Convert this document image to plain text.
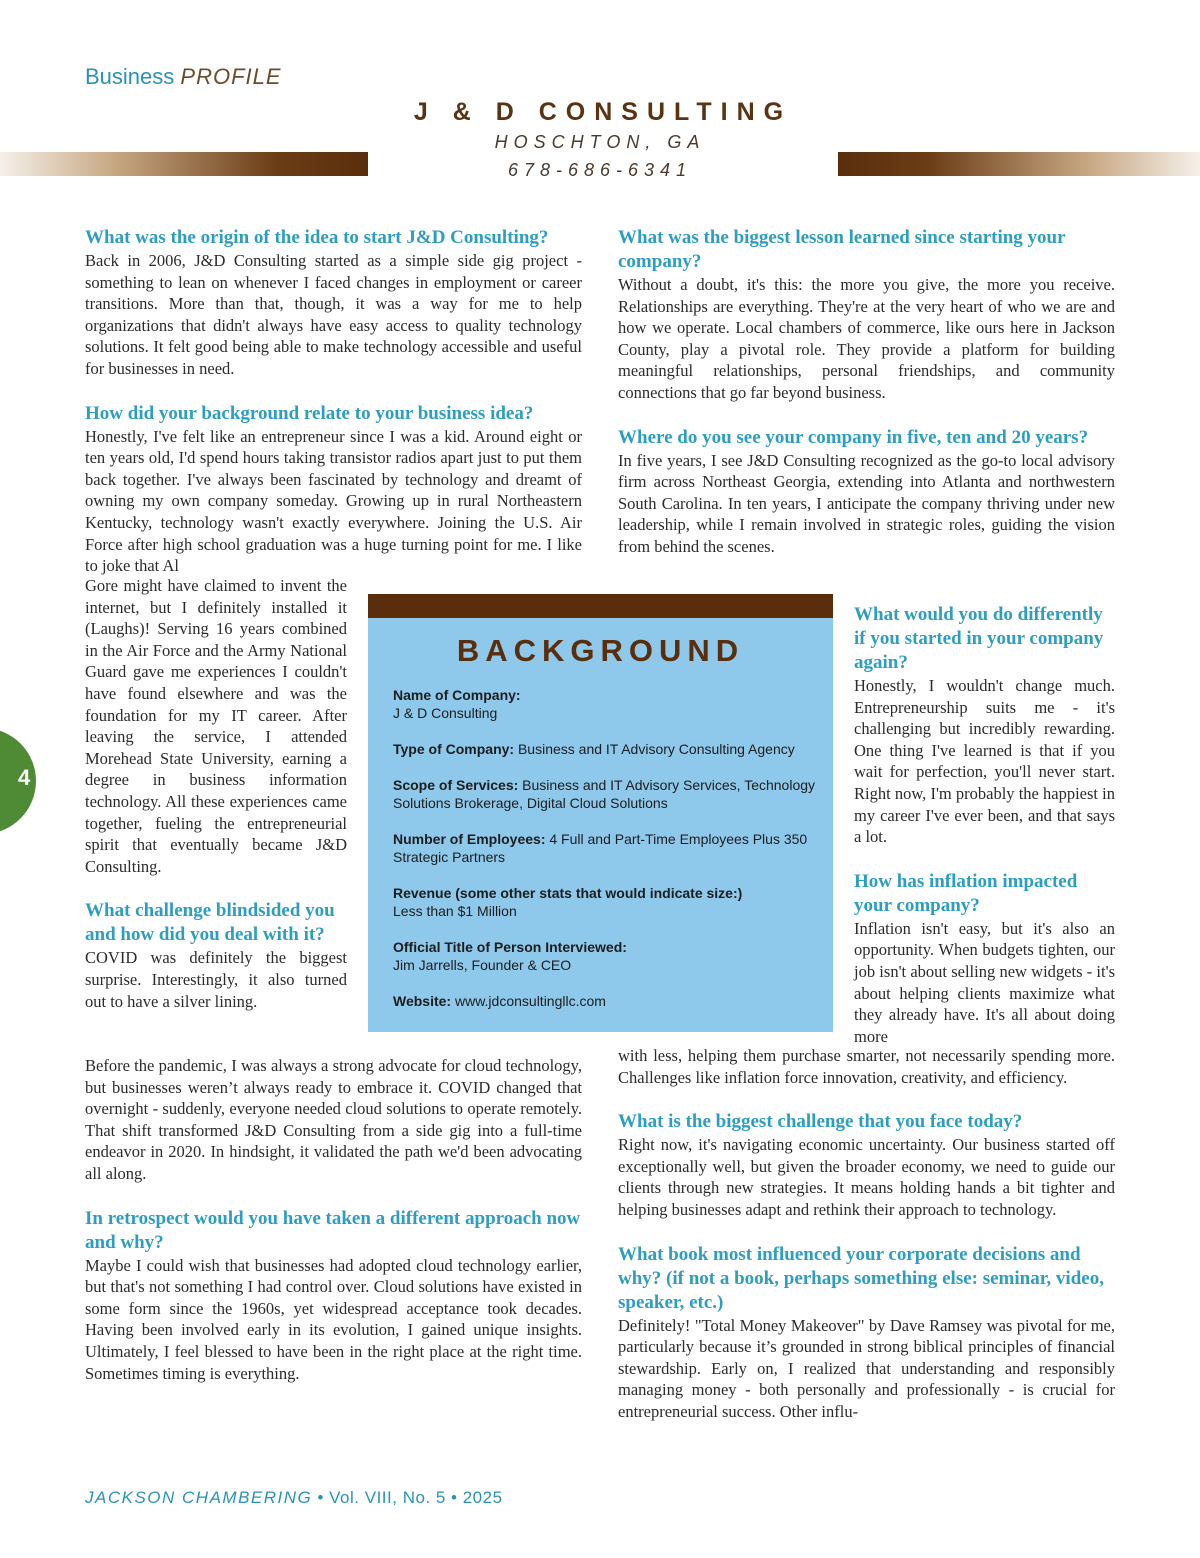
Business PROFILE
J & D CONSULTING
HOSCHTON, GA
678-686-6341

What was the origin of the idea to start J&D Consulting?

Back in 2006, J&D Consulting started as a simple side gig project - something to lean on whenever I faced changes in employment or career transitions. More than that, though, it was a way for me to help organizations that didn't always have easy access to quality technology solutions. It felt good being able to make technology accessible and useful for businesses in need.

How did your background relate to your business idea?

Honestly, I've felt like an entrepreneur since I was a kid. Around eight or ten years old, I'd spend hours taking transistor radios apart just to put them back together. I've always been fascinated by technology and dreamt of owning my own company someday. Growing up in rural Northeastern Kentucky, technology wasn't exactly everywhere. Joining the U.S. Air Force after high school graduation was a huge turning point for me. I like to joke that Al

Gore might have claimed to invent the internet, but I definitely installed it (Laughs)! Serving 16 years combined in the Air Force and the Army National Guard gave me experiences I couldn't have found elsewhere and was the foundation for my IT career. After leaving the service, I attended Morehead State University, earning a degree in business information technology. All these experiences came together, fueling the entrepreneurial spirit that eventually became J&D Consulting.

What challenge blindsided you and how did you deal with it?

COVID was definitely the biggest surprise. Interestingly, it also turned out to have a silver lining.

Before the pandemic, I was always a strong advocate for cloud technology, but businesses weren’t always ready to embrace it. COVID changed that overnight - suddenly, everyone needed cloud solutions to operate remotely. That shift transformed J&D Consulting from a side gig into a full-time endeavor in 2020. In hindsight, it validated the path we'd been advocating all along.

In retrospect would you have taken a different approach now and why?

Maybe I could wish that businesses had adopted cloud technology earlier, but that's not something I had control over. Cloud solutions have existed in some form since the 1960s, yet widespread acceptance took decades. Having been involved early in its evolution, I gained unique insights. Ultimately, I feel blessed to have been in the right place at the right time. Sometimes timing is everything.

What was the biggest lesson learned since starting your company?

Without a doubt, it's this: the more you give, the more you receive. Relationships are everything. They're at the very heart of who we are and how we operate. Local chambers of commerce, like ours here in Jackson County, play a pivotal role. They provide a platform for building meaningful relationships, personal friendships, and community connections that go far beyond business.

Where do you see your company in five, ten and 20 years?

In five years, I see J&D Consulting recognized as the go-to local advisory firm across Northeast Georgia, extending into Atlanta and northwestern South Carolina. In ten years, I anticipate the company thriving under new leadership, while I remain involved in strategic roles, guiding the vision from behind the scenes.

What would you do differently if you started in your company again?

Honestly, I wouldn't change much. Entrepreneurship suits me - it's challenging but incredibly rewarding. One thing I've learned is that if you wait for perfection, you'll never start. Right now, I'm probably the happiest in my career I've ever been, and that says a lot.

How has inflation impacted your company?

Inflation isn't easy, but it's also an opportunity. When budgets tighten, our job isn't about selling new widgets - it's about helping clients maximize what they already have. It's all about doing more

with less, helping them purchase smarter, not necessarily spending more. Challenges like inflation force innovation, creativity, and efficiency.

What is the biggest challenge that you face today?

Right now, it's navigating economic uncertainty. Our business started off exceptionally well, but given the broader economy, we need to guide our clients through new strategies. It means holding hands a bit tighter and helping businesses adapt and rethink their approach to technology.

What book most influenced your corporate decisions and why? (if not a book, perhaps something else: seminar, video, speaker, etc.)

Definitely! "Total Money Makeover" by Dave Ramsey was pivotal for me, particularly because it’s grounded in strong biblical principles of financial stewardship. Early on, I realized that understanding and responsibly managing money - both personally and professionally - is crucial for entrepreneurial success. Other influ-

BACKGROUND

Name of Company:
J & D Consulting

Type of Company: Business and IT Advisory Consulting Agency

Scope of Services: Business and IT Advisory Services, Technology Solutions Brokerage, Digital Cloud Solutions

Number of Employees: 4 Full and Part-Time Employees Plus 350 Strategic Partners

Revenue (some other stats that would indicate size:)
Less than $1 Million

Official Title of Person Interviewed:
Jim Jarrells, Founder & CEO

Website: www.jdconsultingllc.com

4
JACKSON CHAMBERING • Vol. VIII, No. 5 • 2025
